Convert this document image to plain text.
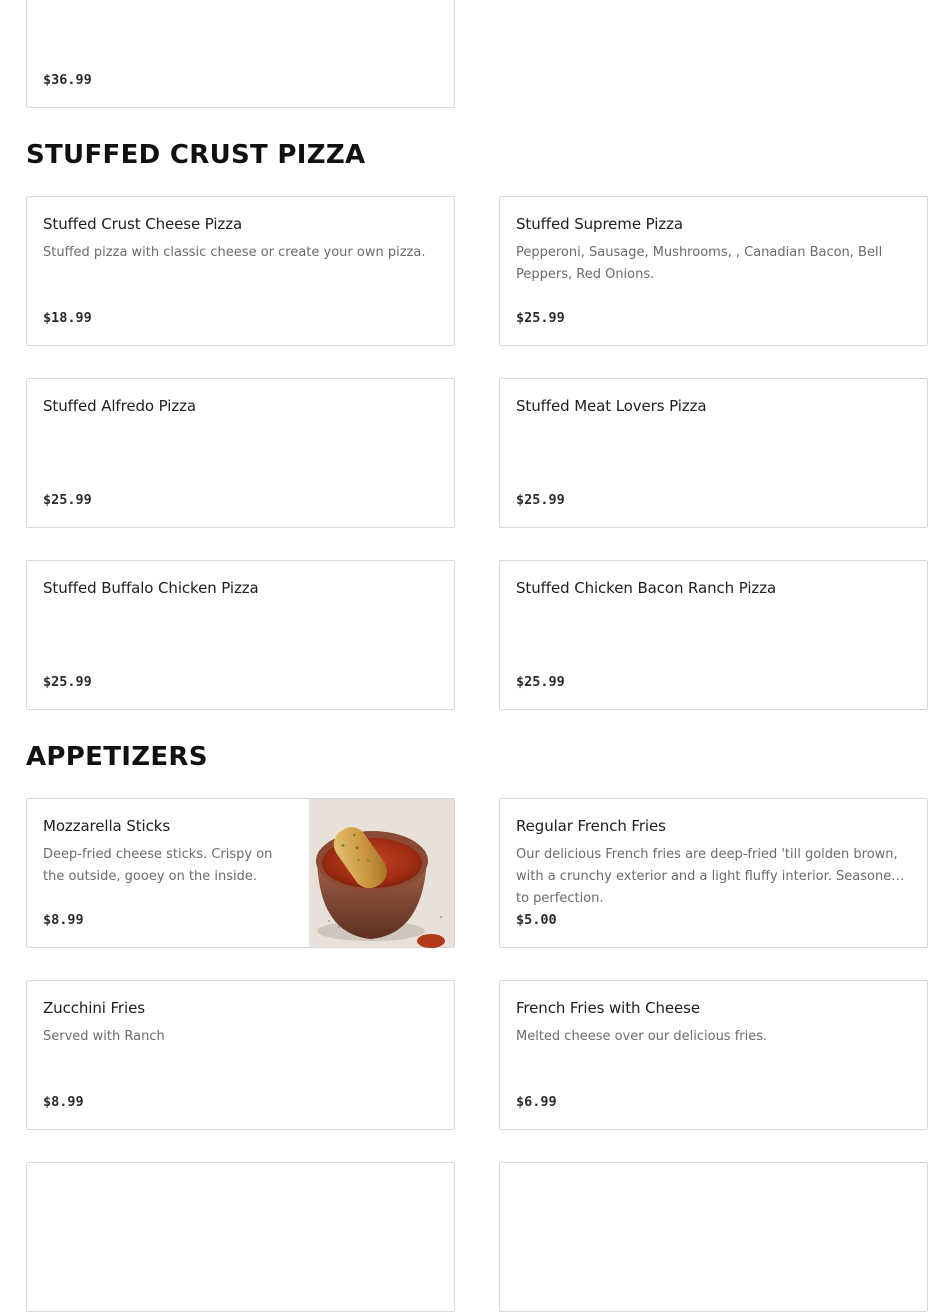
$36.99
STUFFED CRUST PIZZA
Stuffed Crust Cheese Pizza

Stuffed pizza with classic cheese or create your own pizza.

$18.99
Stuffed Supreme Pizza

Pepperoni, Sausage, Mushrooms, , Canadian Bacon, Bell Peppers, Red Onions.

$25.99
Stuffed Alfredo Pizza

$25.99
Stuffed Meat Lovers Pizza

$25.99
Stuffed Buffalo Chicken Pizza

$25.99
Stuffed Chicken Bacon Ranch Pizza

$25.99
APPETIZERS
Mozzarella Sticks

Deep-fried cheese sticks. Crispy on the outside, gooey on the inside.

$8.99
Regular French Fries

Our delicious French fries are deep-fried 'till golden brown, with a crunchy exterior and a light fluffy interior. Seasoned to perfection.

$5.00
Zucchini Fries

Served with Ranch

$8.99
French Fries with Cheese

Melted cheese over our delicious fries.

$6.99
